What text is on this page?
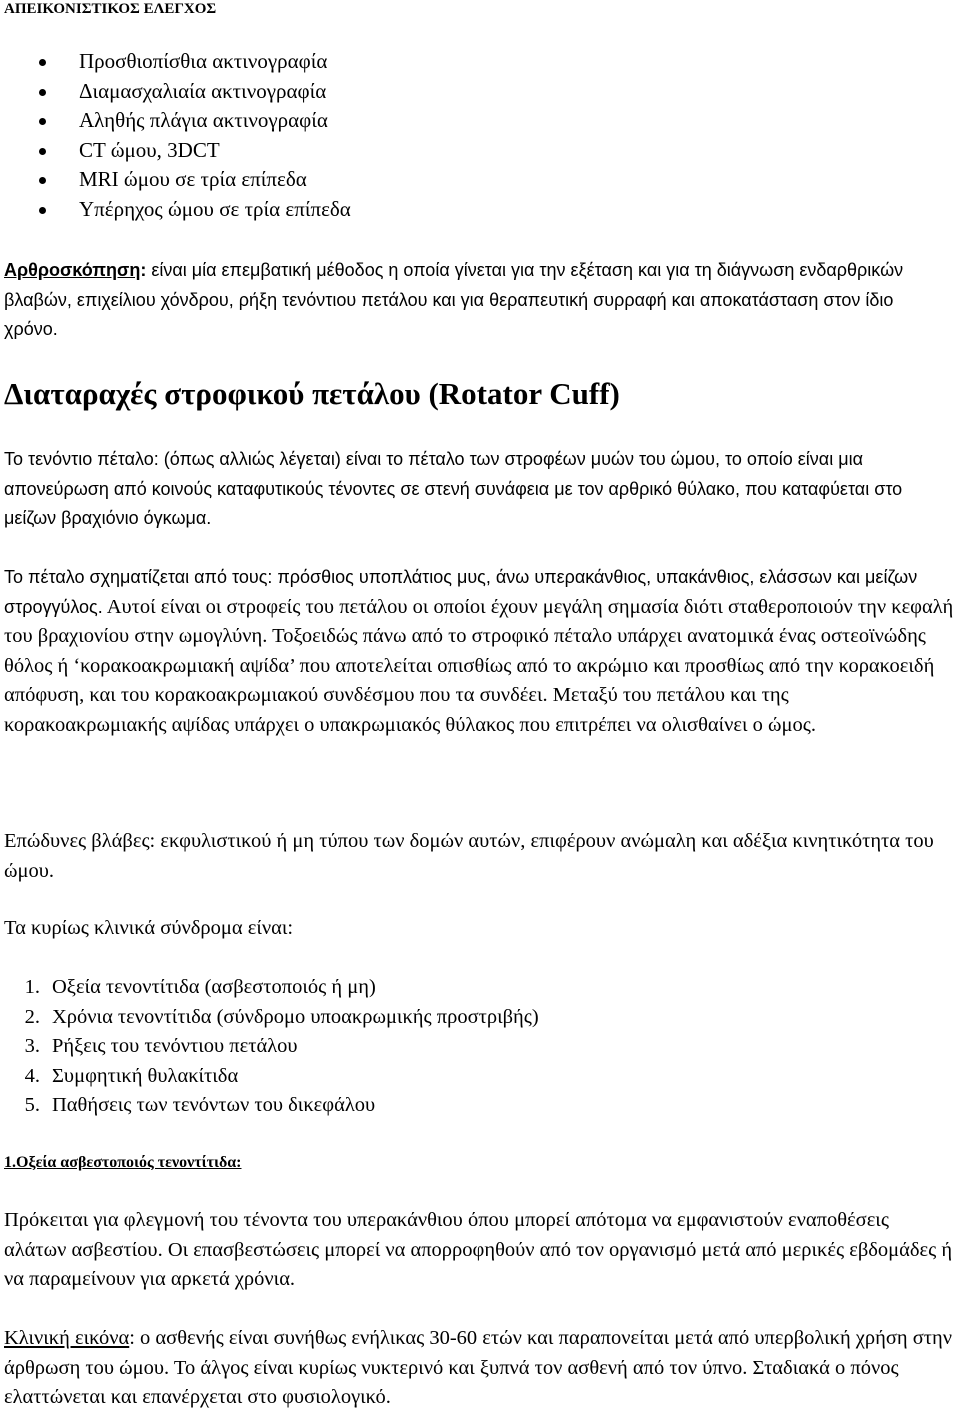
ΑΠΕΙΚΟΝΙΣΤΙΚΟΣ ΕΛΕΓΧΟΣ
Προσθιοπίσθια ακτινογραφία
Διαμασχαλιαία ακτινογραφία
Αληθής πλάγια ακτινογραφία
CT ώμου, 3DCT
MRI ώμου σε τρία επίπεδα
Υπέρηχος ώμου σε τρία επίπεδα

Αρθροσκόπηση: είναι μία επεμβατική μέθοδος η οποία γίνεται για την εξέταση και για τη διάγνωση ενδαρθρικών βλαβών, επιχείλιου χόνδρου, ρήξη τενόντιου πετάλου και για θεραπευτική συρραφή και αποκατάσταση στον ίδιο χρόνο.

Διαταραχές στροφικού πετάλου (Rotator Cuff)

Το τενόντιο πέταλο: (όπως αλλιώς λέγεται) είναι το πέταλο των στροφέων μυών του ώμου, το οποίο είναι μια απονεύρωση από κοινούς καταφυτικούς τένοντες σε στενή συνάφεια με τον αρθρικό θύλακο, που καταφύεται στο μείζων βραχιόνιο όγκωμα.

Το πέταλο σχηματίζεται από τους: πρόσθιος υποπλάτιος μυς, άνω υπερακάνθιος, υπακάνθιος, ελάσσων και μείζων στρογγύλος. Αυτοί είναι οι στροφείς του πετάλου οι οποίοι έχουν μεγάλη σημασία διότι σταθεροποιούν την κεφαλή του βραχιονίου στην ωμογλύνη. Τοξοειδώς πάνω από το στροφικό πέταλο υπάρχει ανατομικά ένας οστεοϊνώδης θόλος ή ‘κορακοακρωμιακή αψίδα’ που αποτελείται οπισθίως από το ακρώμιο και προσθίως από την κορακοειδή απόφυση, και του κορακοακρωμιακού συνδέσμου που τα συνδέει. Μεταξύ του πετάλου και της κορακοακρωμιακής αψίδας υπάρχει ο υπακρωμιακός θύλακος που επιτρέπει να ολισθαίνει ο ώμος.

Επώδυνες βλάβες: εκφυλιστικού ή μη τύπου των δομών αυτών, επιφέρουν ανώμαλη και αδέξια κινητικότητα του ώμου.

Τα κυρίως κλινικά σύνδρομα είναι:

1. Οξεία τενοντίτιδα (ασβεστοποιός ή μη)
2. Χρόνια τενοντίτιδα (σύνδρομο υποακρωμικής προστριβής)
3. Ρήξεις του τενόντιου πετάλου
4. Συμφητική θυλακίτιδα
5. Παθήσεις των τενόντων του δικεφάλου
1.Οξεία ασβεστοποιός τενοντίτιδα:

Πρόκειται για φλεγμονή του τένοντα του υπερακάνθιου όπου μπορεί απότομα να εμφανιστούν εναποθέσεις αλάτων ασβεστίου. Οι επασβεστώσεις μπορεί να απορροφηθούν από τον οργανισμό μετά από μερικές εβδομάδες ή να παραμείνουν για αρκετά χρόνια.

Κλινική εικόνα: ο ασθενής είναι συνήθως ενήλικας 30-60 ετών και παραπονείται μετά από υπερβολική χρήση στην άρθρωση του ώμου. Το άλγος είναι κυρίως νυκτερινό και ξυπνά τον ασθενή από τον ύπνο. Σταδιακά ο πόνος ελαττώνεται και επανέρχεται στο φυσιολογικό.
